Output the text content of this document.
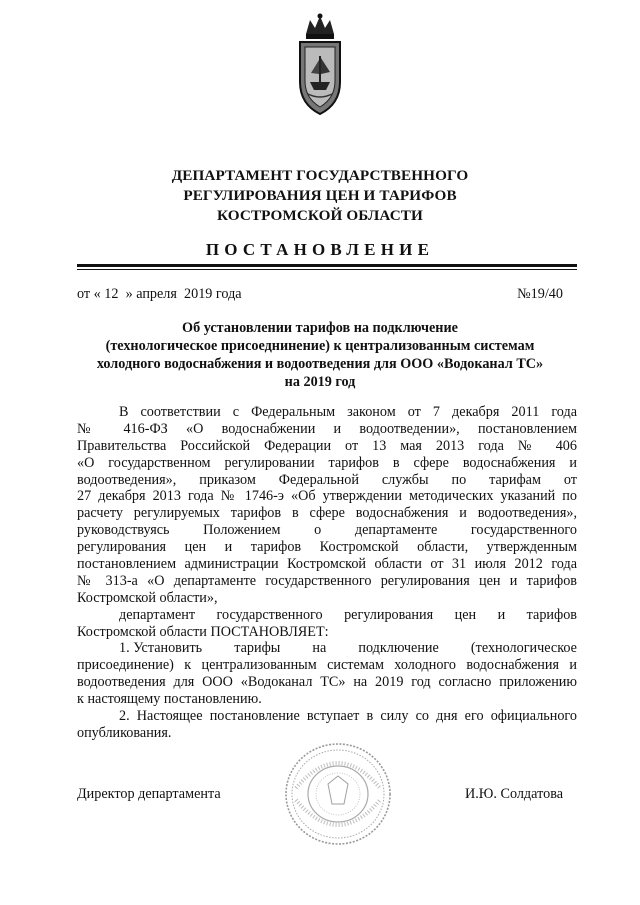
ДЕПАРТАМЕНТ ГОСУДАРСТВЕННОГО
РЕГУЛИРОВАНИЯ ЦЕН И ТАРИФОВ
КОСТРОМСКОЙ ОБЛАСТИ
ПОСТАНОВЛЕНИЕ
от « 12  » апреля  2019 года	№19/40
Об установлении тарифов на подключение
(технологическое присоеднинение) к централизованным системам
холодного водоснабжения и водоотведения для ООО «Водоканал ТС»
на 2019 год
В соответствии с Федеральным законом от 7 декабря 2011 года
№ 416-ФЗ «О водоснабжении и водоотведении», постановлением
Правительства Российской Федерации от 13 мая 2013 года № 406
«О государственном регулировании тарифов в сфере водоснабжения и
водоотведения», приказом Федеральной службы по тарифам от
27 декабря 2013 года № 1746-э «Об утверждении методических указаний по
расчету регулируемых тарифов в сфере водоснабжения и водоотведения»,
руководствуясь Положением о департаменте государственного
регулирования цен и тарифов Костромской области, утвержденным
постановлением администрации Костромской области от 31 июля 2012 года
№ 313-а «О департаменте государственного регулирования цен и тарифов
Костромской области»,
департамент государственного регулирования цен и тарифов
Костромской области ПОСТАНОВЛЯЕТ:
1. Установить тарифы на подключение (технологическое
присоединение) к централизованным системам холодного водоснабжения и
водоотведения для ООО «Водоканал ТС» на 2019 год согласно приложению
к настоящему постановлению.
2. Настоящее постановление вступает в силу со дня его официального
опубликования.
Директор департамента	И.Ю. Солдатова
